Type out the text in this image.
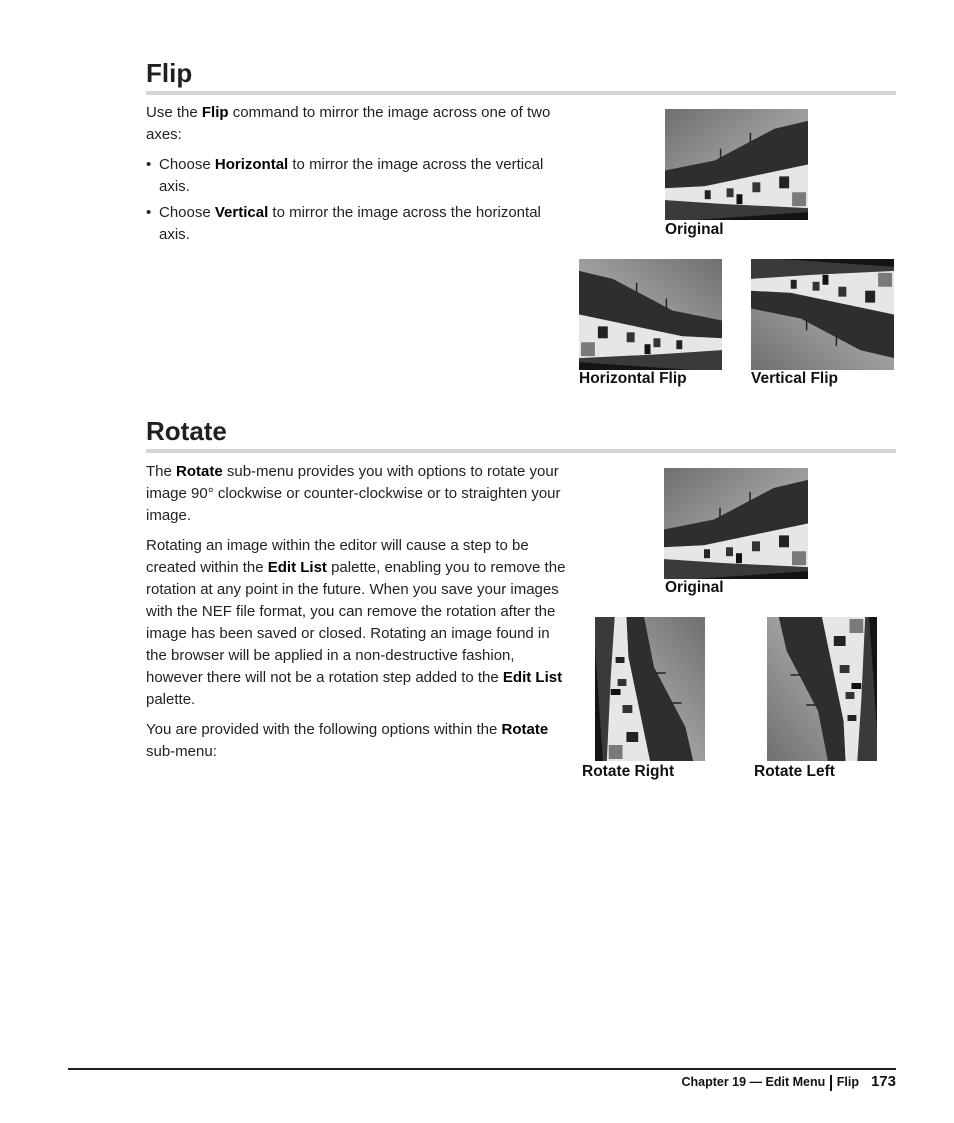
Flip

Use the Flip command to mirror the image across one of two axes:

• Choose Horizontal to mirror the image across the vertical axis.
• Choose Vertical to mirror the image across the horizontal axis.	Original
Horizontal Flip	Vertical Flip
Rotate

The Rotate sub-menu provides you with options to rotate your image 90° clockwise or counter-clockwise or to straighten your image.

Rotating an image within the editor will cause a step to be created within the Edit List palette, enabling you to remove the rotation at any point in the future. When you save your images with the NEF file format, you can remove the rotation after the image has been saved or closed. Rotating an image found in the browser will be applied in a non-destructive fashion, however there will not be a rotation step added to the Edit List palette.

You are provided with the following options within the Rotate sub-menu:

Original
Rotate Right	Rotate Left
Chapter 19 — Edit Menu Flip 173
